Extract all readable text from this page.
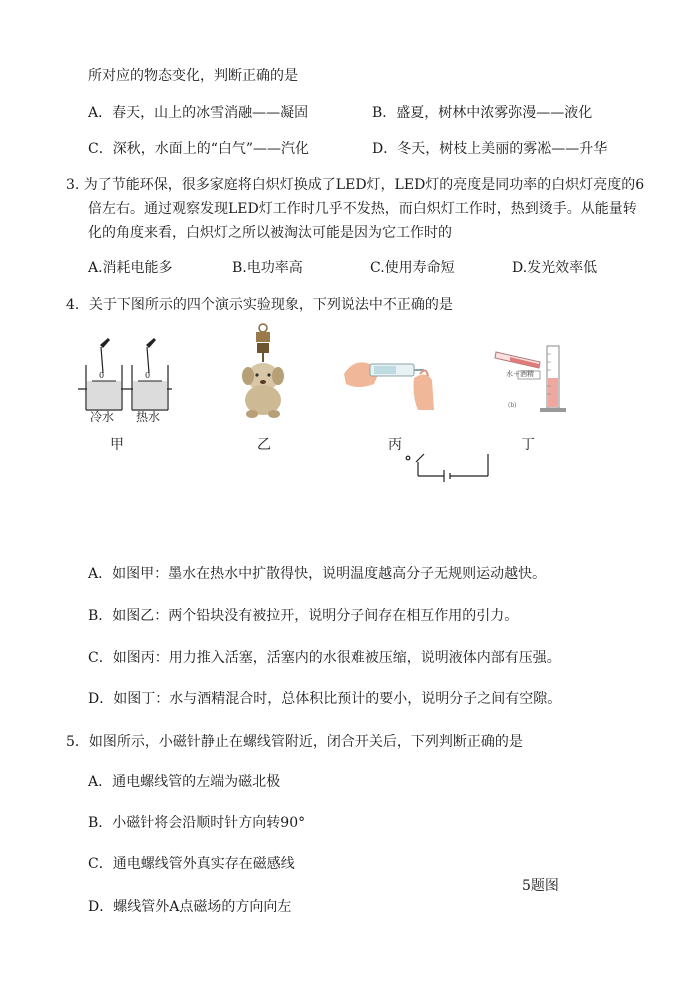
所对应的物态变化，判断正确的是
A．春天，山上的冰雪消融——凝固	B．盛夏，树林中浓雾弥漫——液化
C．深秋，水面上的“白气”——汽化	D．冬天，树枝上美丽的雾凇——升华
3. 为了节能环保，很多家庭将白炽灯换成了LED灯，LED灯的亮度是同功率的白炽灯亮度的6
倍左右。通过观察发现LED灯工作时几乎不发热，而白炽灯工作时，热到烫手。从能量转
化的角度来看，白炽灯之所以被淘汰可能是因为它工作时的
A.消耗电能多	B.电功率高	C.使用寿命短	D.发光效率低
4．关于下图所示的四个演示实验现象，下列说法中不正确的是
0	0
冷水 热水
水＋酒精
(b)
甲	乙	丙	丁
A．如图甲：墨水在热水中扩散得快，说明温度越高分子无规则运动越快。
B．如图乙：两个铅块没有被拉开，说明分子间存在相互作用的引力。
C．如图丙：用力推入活塞，活塞内的水很难被压缩，说明液体内部有压强。
D．如图丁：水与酒精混合时，总体积比预计的要小，说明分子之间有空隙。
5．如图所示，小磁针静止在螺线管附近，闭合开关后，下列判断正确的是
A．通电螺线管的左端为磁北极
B．小磁针将会沿顺时针方向转90°
C．通电螺线管外真实存在磁感线
5题图
D．螺线管外A点磁场的方向向左
